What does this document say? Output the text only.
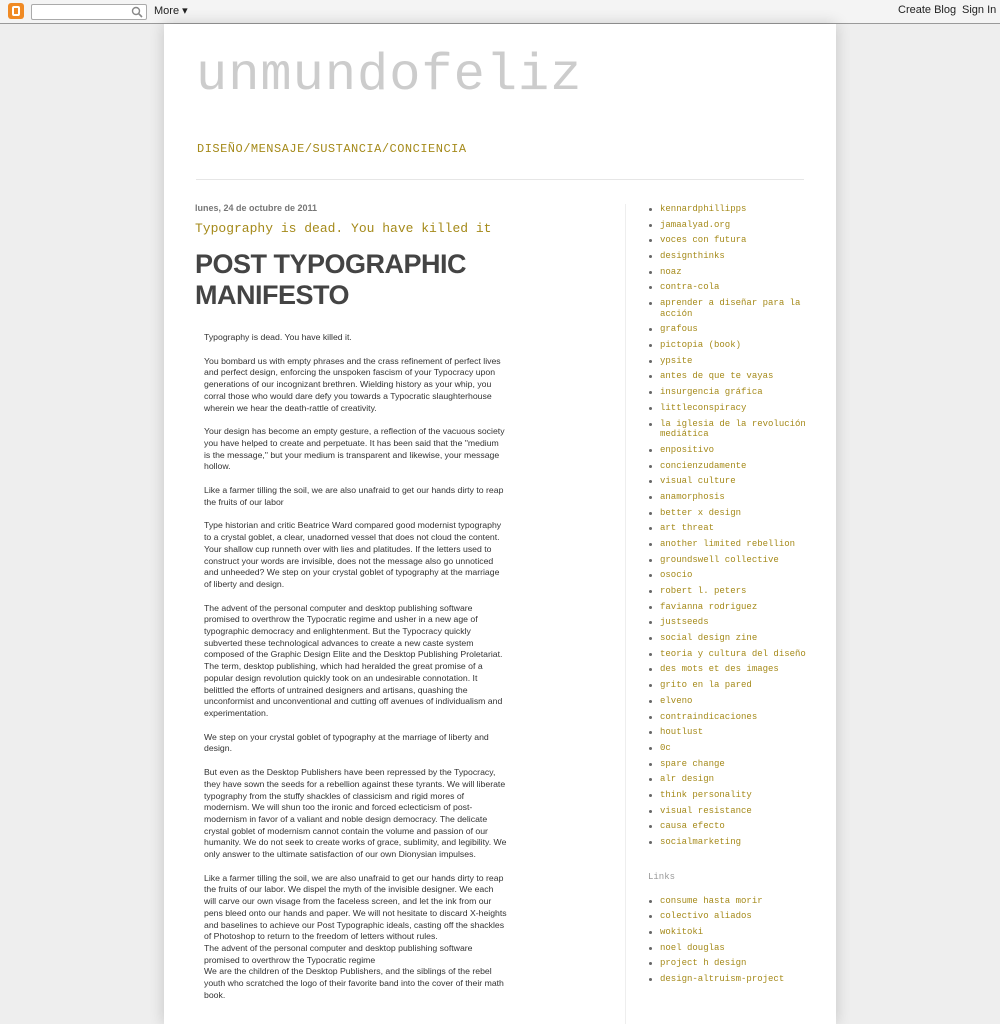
More ▾	Create Blog Sign In
unmundofeliz
DISEÑO/MENSAJE/SUSTANCIA/CONCIENCIA
lunes, 24 de octubre de 2011
Typography is dead. You have killed it
POST TYPOGRAPHIC MANIFESTO

Typography is dead. You have killed it.

You bombard us with empty phrases and the crass refinement of perfect lives
and perfect design, enforcing the unspoken fascism of your Typocracy upon
generations of our incognizant brethren. Wielding history as your whip, you
corral those who would dare defy you towards a Typocratic slaughterhouse
wherein we hear the death-rattle of creativity.

Your design has become an empty gesture, a reflection of the vacuous society
you have helped to create and perpetuate. It has been said that the "medium
is the message," but your medium is transparent and likewise, your message
hollow.

Like a farmer tilling the soil, we are also unafraid to get our hands dirty to reap
the fruits of our labor

Type historian and critic Beatrice Ward compared good modernist typography
to a crystal goblet, a clear, unadorned vessel that does not cloud the content.
Your shallow cup runneth over with lies and platitudes. If the letters used to
construct your words are invisible, does not the message also go unnoticed
and unheeded? We step on your crystal goblet of typography at the marriage
of liberty and design.

The advent of the personal computer and desktop publishing software
promised to overthrow the Typocratic regime and usher in a new age of
typographic democracy and enlightenment. But the Typocracy quickly
subverted these technological advances to create a new caste system
composed of the Graphic Design Elite and the Desktop Publishing Proletariat.
The term, desktop publishing, which had heralded the great promise of a
popular design revolution quickly took on an undesirable connotation. It
belittled the efforts of untrained designers and artisans, quashing the
unconformist and unconventional and cutting off avenues of individualism and
experimentation.

We step on your crystal goblet of typography at the marriage of liberty and
design.

But even as the Desktop Publishers have been repressed by the Typocracy,
they have sown the seeds for a rebellion against these tyrants. We will liberate
typography from the stuffy shackles of classicism and rigid mores of
modernism. We will shun too the ironic and forced eclecticism of post-
modernism in favor of a valiant and noble design democracy. The delicate
crystal goblet of modernism cannot contain the volume and passion of our
humanity. We do not seek to create works of grace, sublimity, and legibility. We
only answer to the ultimate satisfaction of our own Dionysian impulses.

Like a farmer tilling the soil, we are also unafraid to get our hands dirty to reap
the fruits of our labor. We dispel the myth of the invisible designer. We each
will carve our own visage from the faceless screen, and let the ink from our
pens bleed onto our hands and paper. We will not hesitate to discard X-heights
and baselines to achieve our Post Typographic ideals, casting off the shackles
of Photoshop to return to the freedom of letters without rules.
The advent of the personal computer and desktop publishing software
promised to overthrow the Typocratic regime
We are the children of the Desktop Publishers, and the siblings of the rebel
youth who scratched the logo of their favorite band into the cover of their math
book.

kennardphillipps
jamaalyad.org
voces con futura
designthinks
noaz
contra-cola
aprender a diseñar para la acción
grafous
pictopia (book)
ypsite
antes de que te vayas
insurgencia gráfica
littleconspiracy
la iglesia de la revolución mediática
enpositivo
concienzudamente
visual culture
anamorphosis
better x design
art threat
another limited rebellion
groundswell collective
osocio
robert l. peters
favianna rodriguez
justseeds
social design zine
teoria y cultura del diseño
des mots et des images
grito en la pared
elveno
contraindicaciones
houtlust
0c
spare change
alr design
think personality
visual resistance
causa efecto
socialmarketing
Links
consume hasta morir
colectivo aliados
wokitoki
noel douglas
project h design
design-altruism-project
